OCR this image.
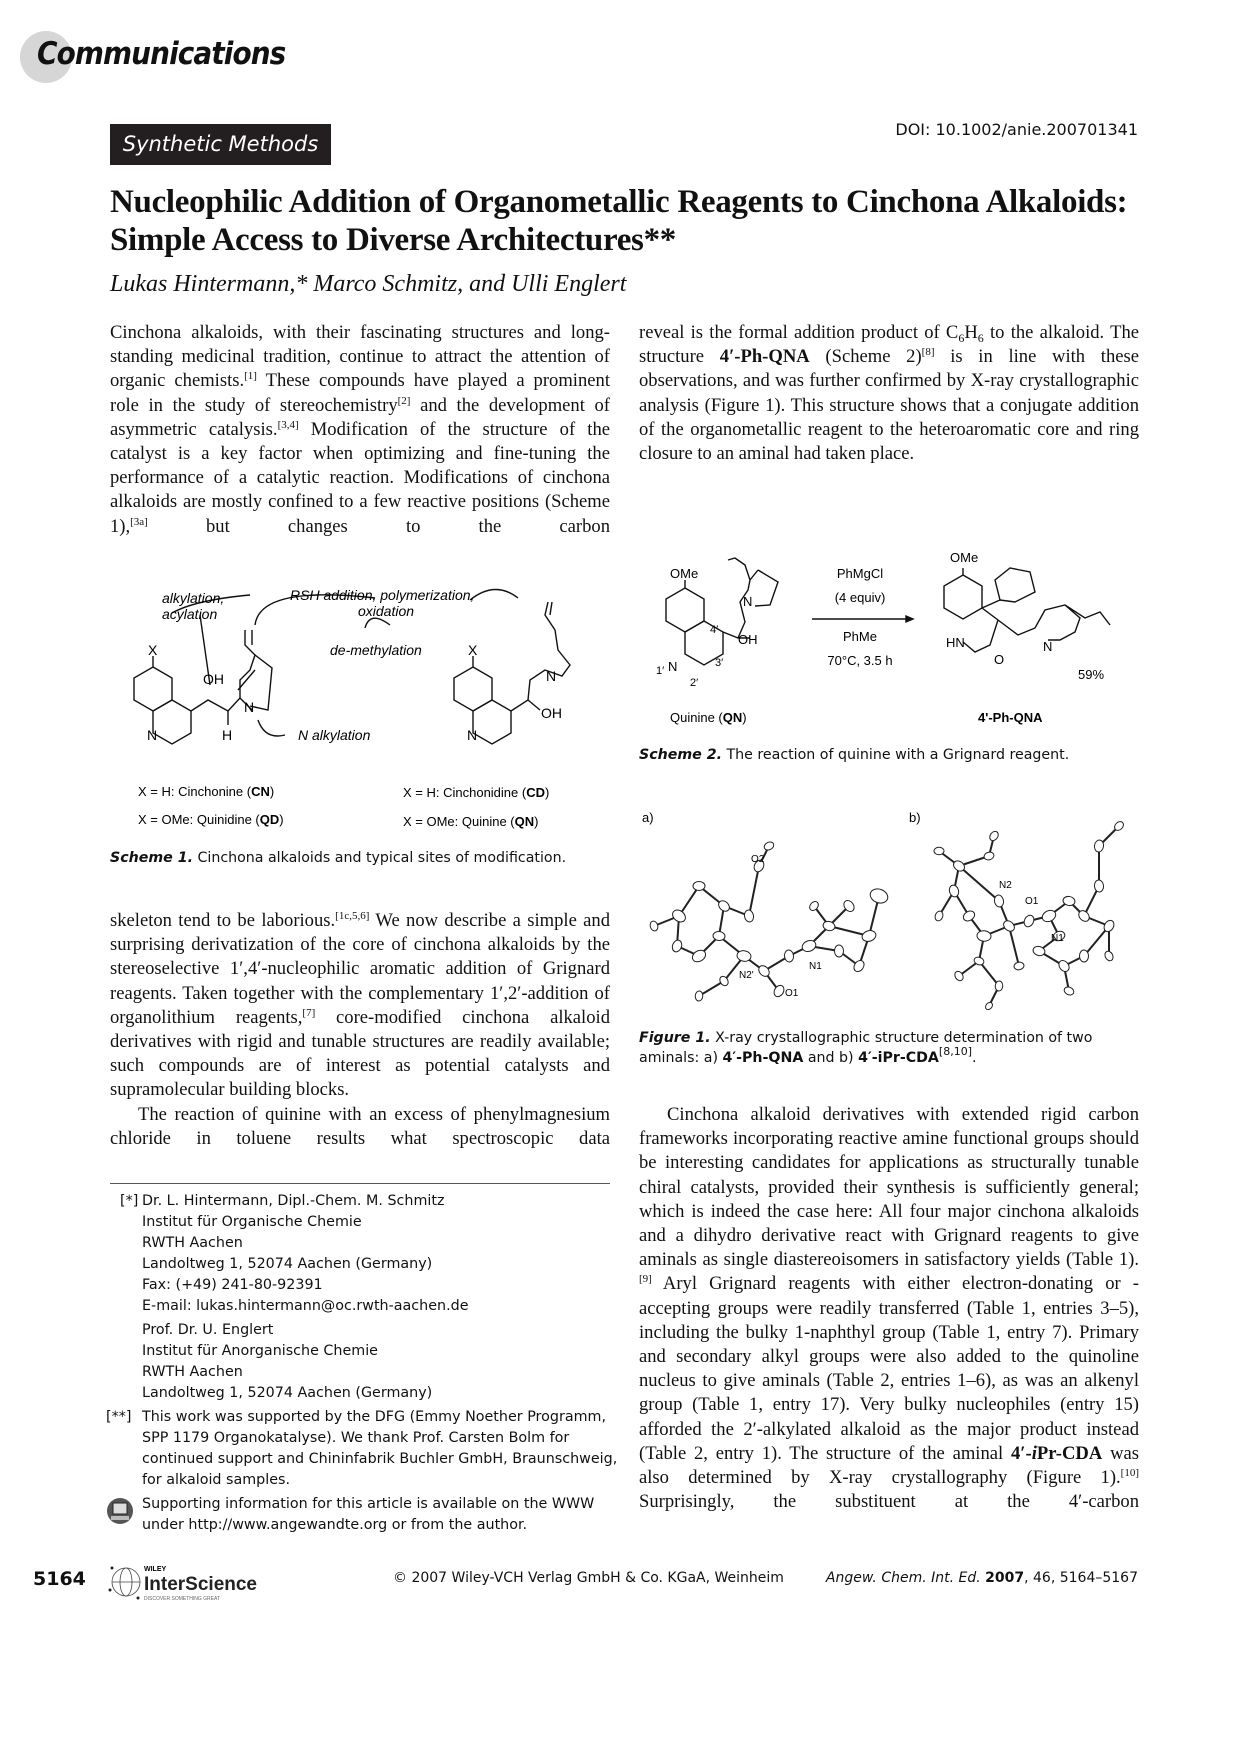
Communications
Synthetic Methods
DOI: 10.1002/anie.200701341
Nucleophilic Addition of Organometallic Reagents to Cinchona Alkaloids: Simple Access to Diverse Architectures**
Lukas Hintermann,* Marco Schmitz, and Ulli Englert

Cinchona alkaloids, with their fascinating structures and long-standing medicinal tradition, continue to attract the attention of organic chemists.[1] These compounds have played a prominent role in the study of stereochemistry[2] and the development of asymmetric catalysis.[3,4] Modification of the structure of the catalyst is a key factor when optimizing and fine-tuning the performance of a catalytic reaction. Modifications of cinchona alkaloids are mostly confined to a few reactive positions (Scheme 1),[3a] but changes to the carbon

skeleton tend to be laborious.[1c,5,6] We now describe a simple and surprising derivatization of the core of cinchona alkaloids by the stereoselective 1′,4′-nucleophilic aromatic addition of Grignard reagents. Taken together with the complementary 1′,2′-addition of organolithium reagents,[7] core-modified cinchona alkaloid derivatives with rigid and tunable structures are readily available; such compounds are of interest as potential catalysts and supramolecular building blocks.

The reaction of quinine with an excess of phenylmagnesium chloride in toluene results what spectroscopic data

reveal is the formal addition product of $C_6H_6$ to the alkaloid. The structure 4′-Ph-QNA (Scheme 2)[8] is in line with these observations, and was further confirmed by X-ray crystallographic analysis (Figure 1). This structure shows that a conjugate addition of the organometallic reagent to the heteroaromatic core and ring closure to an aminal had taken place.

Cinchona alkaloid derivatives with extended rigid carbon frameworks incorporating reactive amine functional groups should be interesting candidates for applications as structurally tunable chiral catalysts, provided their synthesis is sufficiently general; which is indeed the case here: All four major cinchona alkaloids and a dihydro derivative react with Grignard reagents to give aminals as single diastereoisomers in satisfactory yields (Table 1).[9] Aryl Grignard reagents with either electron-donating or -accepting groups were readily transferred (Table 1, entries 3–5), including the bulky 1-naphthyl group (Table 1, entry 7). Primary and secondary alkyl groups were also added to the quinoline nucleus to give aminals (Table 2, entries 1–6), as was an alkenyl group (Table 1, entry 17). Very bulky nucleophiles (entry 15) afforded the 2′-alkylated alkaloid as the major product instead (Table 2, entry 1). The structure of the aminal 4′-iPr-CDA was also determined by X-ray crystallography (Figure 1).[10] Surprisingly, the substituent at the 4′-carbon

alkylation,
acylation
RSH addition, polymerization,
oxidation
de-methylation
N alkylation
X
OH
H
N
N
X
N
N
OH
X = H: Cinchonine (CN)
X = OMe: Quinidine (QD)
X = H: Cinchonidine (CD)
X = OMe: Quinine (QN)
Scheme 1. Cinchona alkaloids and typical sites of modification.
OMe
4′
OH
1′ N	3′
2′
N
PhMgCl
(4 equiv)
PhMe
70°C, 3.5 h
OMe
HN
O
N
59%
Quinine (QN)	4'-Ph-QNA
Scheme 2. The reaction of quinine with a Grignard reagent.
a)	b)
O2
N2'
N1
O1
N2
O1
N1
Figure 1. X-ray crystallographic structure determination of two aminals: a) 4′-Ph-QNA and b) 4′-iPr-CDA[8,10].
[*] Dr. L. Hintermann, Dipl.-Chem. M. Schmitz
Institut für Organische Chemie
RWTH Aachen
Landoltweg 1, 52074 Aachen (Germany)
Fax: (+49) 241-80-92391
E-mail: lukas.hintermann@oc.rwth-aachen.de
Prof. Dr. U. Englert
Institut für Anorganische Chemie
RWTH Aachen
Landoltweg 1, 52074 Aachen (Germany)
[**] This work was supported by the DFG (Emmy Noether Programm,
SPP 1179 Organokatalyse). We thank Prof. Carsten Bolm for
continued support and Chininfabrik Buchler GmbH, Braunschweig,
for alkaloid samples.
Supporting information for this article is available on the WWW
under http://www.angewandte.org or from the author.
5164	WILEY
InterScience
DISCOVER SOMETHING GREAT
© 2007 Wiley-VCH Verlag GmbH & Co. KGaA, Weinheim	Angew. Chem. Int. Ed. 2007, 46, 5164–5167
